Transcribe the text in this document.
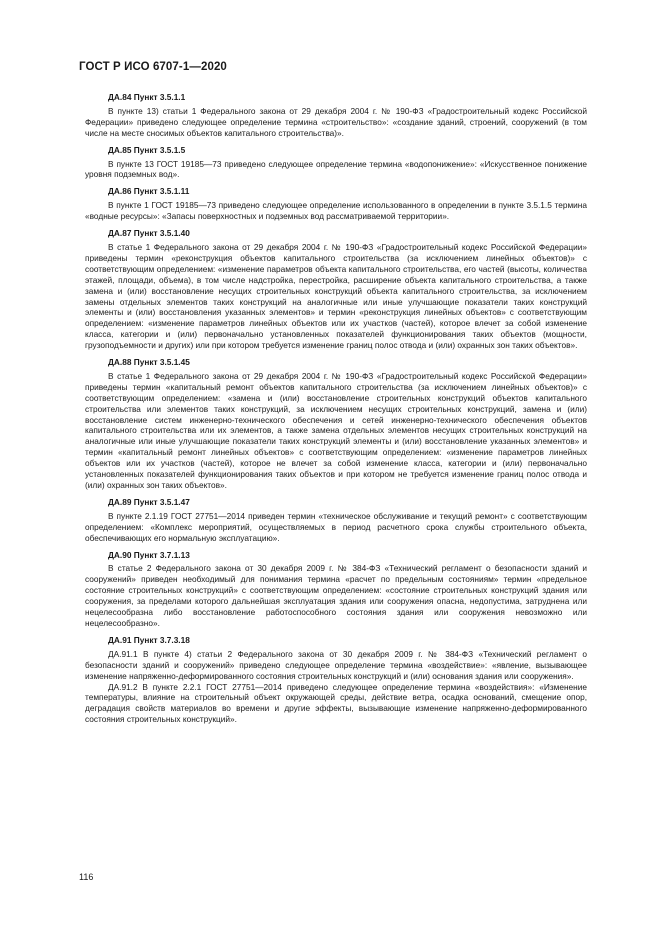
ГОСТ Р ИСО 6707-1—2020

ДА.84 Пункт 3.5.1.1

В пункте 13) статьи 1 Федерального закона от 29 декабря 2004 г. № 190-ФЗ «Градостроительный кодекс Российской Федерации» приведено следующее определение термина «строительство»: «создание зданий, строений, сооружений (в том числе на месте сносимых объектов капитального строительства)».

ДА.85 Пункт 3.5.1.5

В пункте 13 ГОСТ 19185—73 приведено следующее определение термина «водопонижение»: «Искусственное понижение уровня подземных вод».

ДА.86 Пункт 3.5.1.11

В пункте 1 ГОСТ 19185—73 приведено следующее определение использованного в определении в пункте 3.5.1.5 термина «водные ресурсы»: «Запасы поверхностных и подземных вод рассматриваемой территории».

ДА.87 Пункт 3.5.1.40

В статье 1 Федерального закона от 29 декабря 2004 г. № 190-ФЗ «Градостроительный кодекс Российской Федерации» приведены термин «реконструкция объектов капитального строительства (за исключением линейных объектов)» с соответствующим определением: «изменение параметров объекта капитального строительства, его частей (высоты, количества этажей, площади, объема), в том числе надстройка, перестройка, расширение объекта капитального строительства, а также замена и (или) восстановление несущих строительных конструкций объекта капитального строительства, за исключением замены отдельных элементов таких конструкций на аналогичные или иные улучшающие показатели таких конструкций элементы и (или) восстановления указанных элементов» и термин «реконструкция линейных объектов» с соответствующим определением: «изменение параметров линейных объектов или их участков (частей), которое влечет за собой изменение класса, категории и (или) первоначально установленных показателей функционирования таких объектов (мощности, грузоподъемности и других) или при котором требуется изменение границ полос отвода и (или) охранных зон таких объектов».

ДА.88 Пункт 3.5.1.45

В статье 1 Федерального закона от 29 декабря 2004 г. № 190-ФЗ «Градостроительный кодекс Российской Федерации» приведены термин «капитальный ремонт объектов капитального строительства (за исключением линейных объектов)» с соответствующим определением: «замена и (или) восстановление строительных конструкций объектов капитального строительства или элементов таких конструкций, за исключением несущих строительных конструкций, замена и (или) восстановление систем инженерно-технического обеспечения и сетей инженерно-технического обеспечения объектов капитального строительства или их элементов, а также замена отдельных элементов несущих строительных конструкций на аналогичные или иные улучшающие показатели таких конструкций элементы и (или) восстановление указанных элементов» и термин «капитальный ремонт линейных объектов» с соответствующим определением: «изменение параметров линейных объектов или их участков (частей), которое не влечет за собой изменение класса, категории и (или) первоначально установленных показателей функционирования таких объектов и при котором не требуется изменение границ полос отвода и (или) охранных зон таких объектов».

ДА.89 Пункт 3.5.1.47

В пункте 2.1.19 ГОСТ 27751—2014 приведен термин «техническое обслуживание и текущий ремонт» с соответствующим определением: «Комплекс мероприятий, осуществляемых в период расчетного срока службы строительного объекта, обеспечивающих его нормальную эксплуатацию».

ДА.90 Пункт 3.7.1.13

В статье 2 Федерального закона от 30 декабря 2009 г. № 384-ФЗ «Технический регламент о безопасности зданий и сооружений» приведен необходимый для понимания термина «расчет по предельным состояниям» термин «предельное состояние строительных конструкций» с соответствующим определением: «состояние строительных конструкций здания или сооружения, за пределами которого дальнейшая эксплуатация здания или сооружения опасна, недопустима, затруднена или нецелесообразна либо восстановление работоспособного состояния здания или сооружения невозможно или нецелесообразно».

ДА.91 Пункт 3.7.3.18

ДА.91.1 В пункте 4) статьи 2 Федерального закона от 30 декабря 2009 г. № 384-ФЗ «Технический регламент о безопасности зданий и сооружений» приведено следующее определение термина «воздействие»: «явление, вызывающее изменение напряженно-деформированного состояния строительных конструкций и (или) основания здания или сооружения».

ДА.91.2 В пункте 2.2.1 ГОСТ 27751—2014 приведено следующее определение термина «воздействия»: «Изменение температуры, влияние на строительный объект окружающей среды, действие ветра, осадка оснований, смещение опор, деградация свойств материалов во времени и другие эффекты, вызывающие изменение напряженно-деформированного состояния строительных конструкций».

116
